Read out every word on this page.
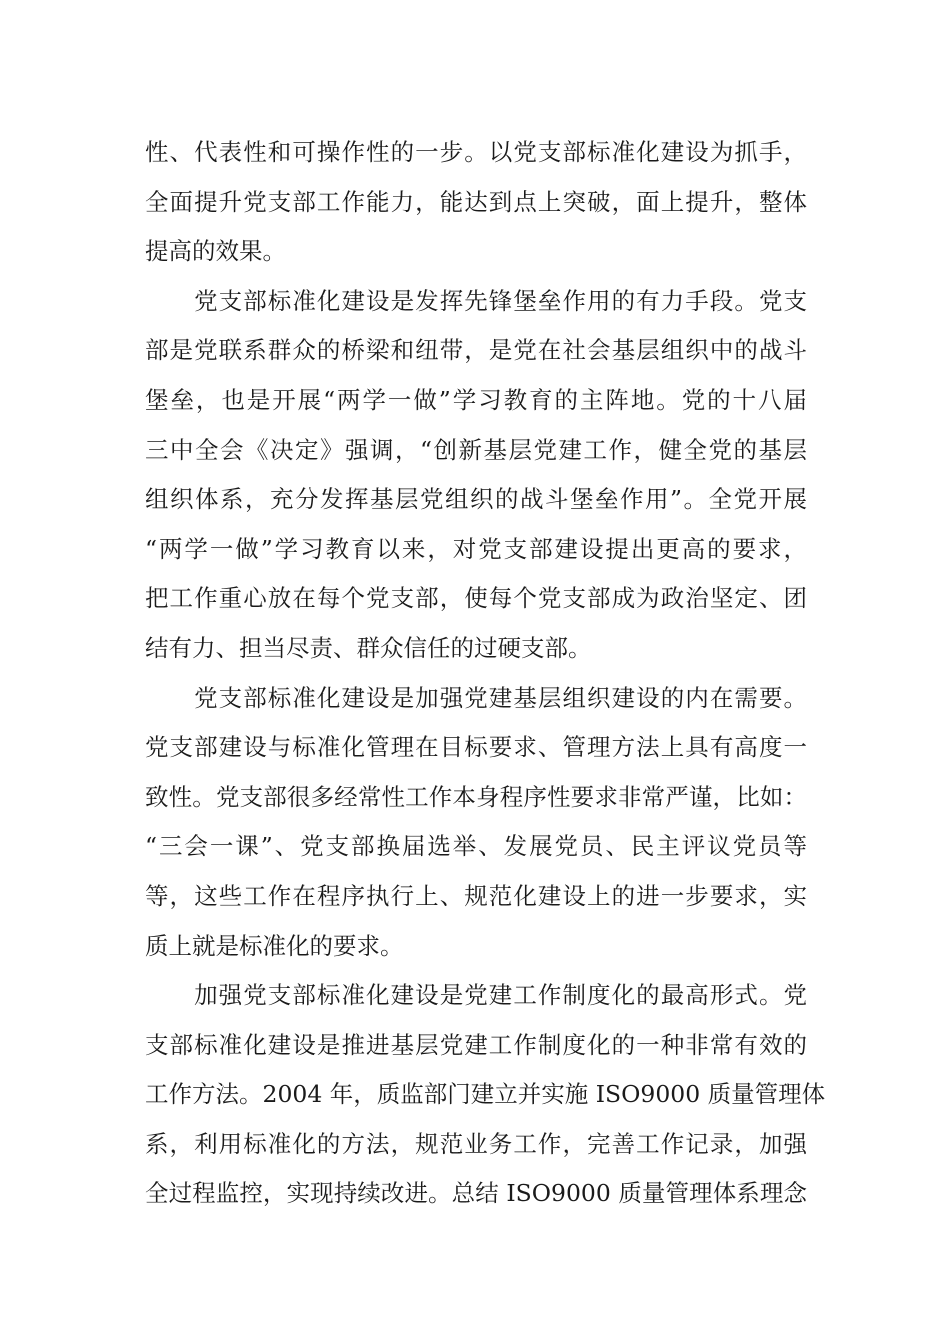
性、代表性和可操作性的一步。以党支部标准化建设为抓手，
全面提升党支部工作能力，能达到点上突破，面上提升，整体
提高的效果。
　　党支部标准化建设是发挥先锋堡垒作用的有力手段。党支
部是党联系群众的桥梁和纽带，是党在社会基层组织中的战斗
堡垒，也是开展“两学一做”学习教育的主阵地。党的十八届
三中全会《决定》强调，“创新基层党建工作，健全党的基层
组织体系，充分发挥基层党组织的战斗堡垒作用”。全党开展
“两学一做”学习教育以来，对党支部建设提出更高的要求，
把工作重心放在每个党支部，使每个党支部成为政治坚定、团
结有力、担当尽责、群众信任的过硬支部。
　　党支部标准化建设是加强党建基层组织建设的内在需要。
党支部建设与标准化管理在目标要求、管理方法上具有高度一
致性。党支部很多经常性工作本身程序性要求非常严谨，比如：
“三会一课”、党支部换届选举、发展党员、民主评议党员等
等，这些工作在程序执行上、规范化建设上的进一步要求，实
质上就是标准化的要求。
　　加强党支部标准化建设是党建工作制度化的最高形式。党
支部标准化建设是推进基层党建工作制度化的一种非常有效的
工作方法。2004 年，质监部门建立并实施 ISO9000 质量管理体
系，利用标准化的方法，规范业务工作，完善工作记录，加强
全过程监控，实现持续改进。总结 ISO9000 质量管理体系理念
